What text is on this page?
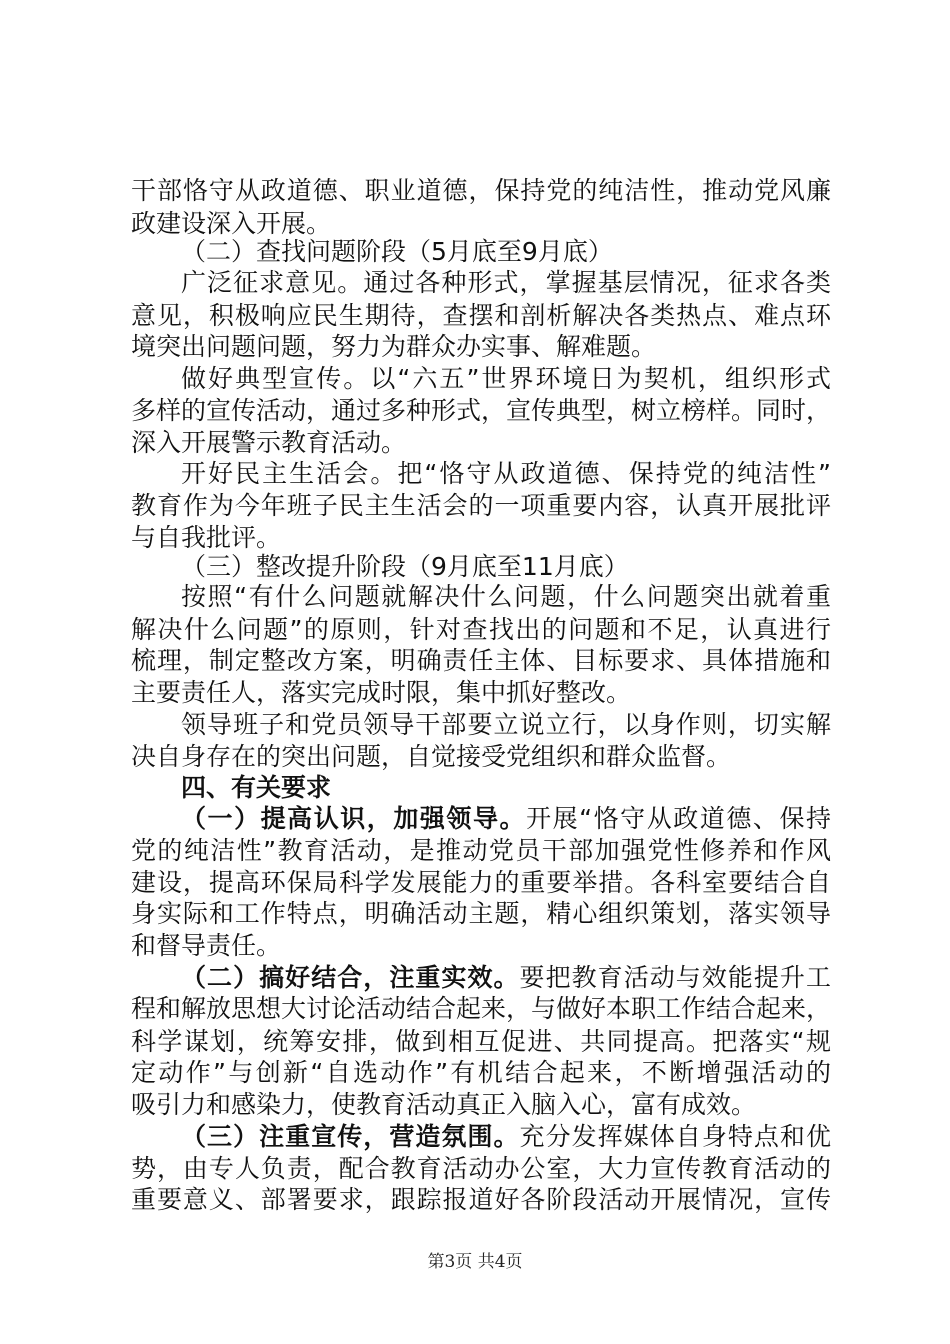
干部恪守从政道德、职业道德，保持党的纯洁性，推动党风廉
政建设深入开展。
（二）查找问题阶段（5月底至9月底）
广泛征求意见。通过各种形式，掌握基层情况，征求各类
意见，积极响应民生期待，查摆和剖析解决各类热点、难点环
境突出问题问题，努力为群众办实事、解难题。
做好典型宣传。以“六五”世界环境日为契机，组织形式
多样的宣传活动，通过多种形式，宣传典型，树立榜样。同时，
深入开展警示教育活动。
开好民主生活会。把“恪守从政道德、保持党的纯洁性”
教育作为今年班子民主生活会的一项重要内容，认真开展批评
与自我批评。
（三）整改提升阶段（9月底至11月底）
按照“有什么问题就解决什么问题，什么问题突出就着重
解决什么问题”的原则，针对查找出的问题和不足，认真进行
梳理，制定整改方案，明确责任主体、目标要求、具体措施和
主要责任人，落实完成时限，集中抓好整改。
领导班子和党员领导干部要立说立行，以身作则，切实解
决自身存在的突出问题，自觉接受党组织和群众监督。
四、有关要求
（一）提高认识，加强领导。开展“恪守从政道德、保持
党的纯洁性”教育活动，是推动党员干部加强党性修养和作风
建设，提高环保局科学发展能力的重要举措。各科室要结合自
身实际和工作特点，明确活动主题，精心组织策划，落实领导
和督导责任。
（二）搞好结合，注重实效。要把教育活动与效能提升工
程和解放思想大讨论活动结合起来，与做好本职工作结合起来，
科学谋划，统筹安排，做到相互促进、共同提高。把落实“规
定动作”与创新“自选动作”有机结合起来，不断增强活动的
吸引力和感染力，使教育活动真正入脑入心，富有成效。
（三）注重宣传，营造氛围。充分发挥媒体自身特点和优
势，由专人负责，配合教育活动办公室，大力宣传教育活动的
重要意义、部署要求，跟踪报道好各阶段活动开展情况，宣传
第3页 共4页
